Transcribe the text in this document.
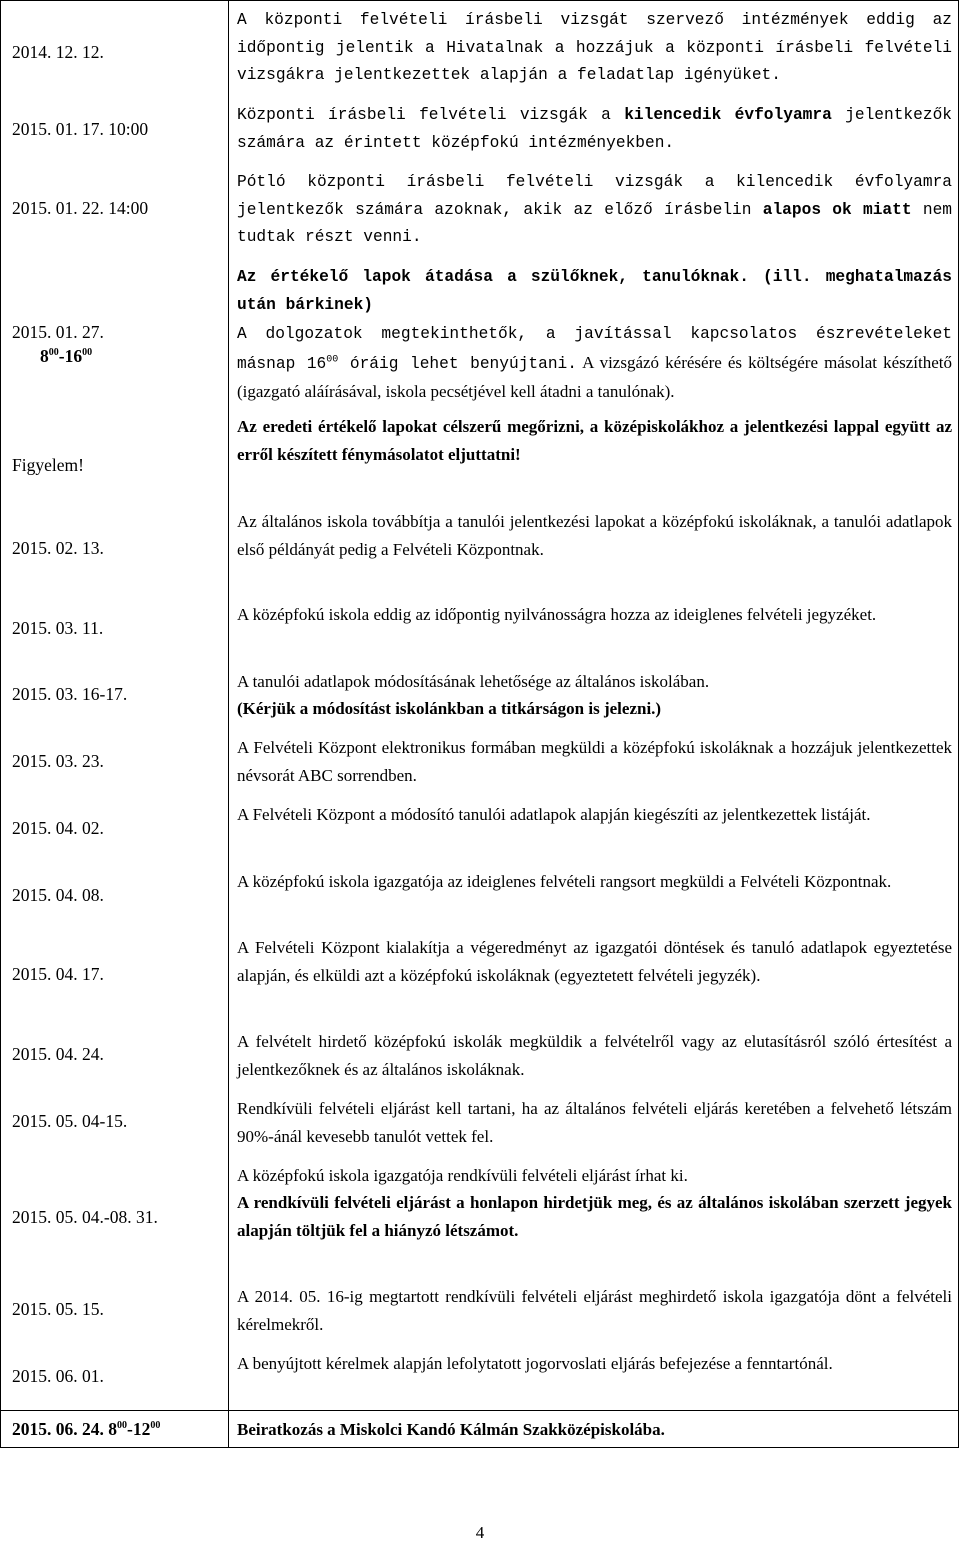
2014. 12. 12.
2015. 01. 17. 10:00
2015. 01. 22. 14:00
2015. 01. 27.
$8^{00}-16^{00}$
Figyelem!
2015. 02. 13.
2015. 03. 11.
2015. 03. 16-17.
2015. 03. 23.
2015. 04. 02.
2015. 04. 08.
2015. 04. 17.
2015. 04. 24.
2015. 05. 04-15.
2015. 05. 04.-08. 31.
2015. 05. 15.
2015. 06. 01.
A központi felvételi írásbeli vizsgát szervező intézmények eddig az időpontig jelentik a Hivatalnak a hozzájuk a központi írásbeli felvételi vizsgákra jelentkezettek alapján a feladatlap igényüket.
Központi írásbeli felvételi vizsgák a kilencedik évfolyamra jelentkezők számára az érintett középfokú intézményekben.
Pótló központi írásbeli felvételi vizsgák a kilencedik évfolyamra jelentkezők számára azoknak, akik az előző írásbelin alapos ok miatt nem tudtak részt venni.
Az értékelő lapok átadása a szülőknek, tanulóknak. (ill. meghatalmazás után bárkinek)
A dolgozatok megtekinthetők, a javítással kapcsolatos észrevételeket másnap $16^{00}$ óráig lehet benyújtani. A vizsgázó kérésére és költségére másolat készíthető (igazgató aláírásával, iskola pecsétjével kell átadni a tanulónak).
Az eredeti értékelő lapokat célszerű megőrizni, a középiskolákhoz a jelentkezési lappal együtt az erről készített fénymásolatot eljuttatni!
Az általános iskola továbbítja a tanulói jelentkezési lapokat a középfokú iskoláknak, a tanulói adatlapok első példányát pedig a Felvételi Központnak.
A középfokú iskola eddig az időpontig nyilvánosságra hozza az ideiglenes felvételi jegyzéket.
A tanulói adatlapok módosításának lehetősége az általános iskolában.
(Kérjük a módosítást iskolánkban a titkárságon is jelezni.)
A Felvételi Központ elektronikus formában megküldi a középfokú iskoláknak a hozzájuk jelentkezettek névsorát ABC sorrendben.
A Felvételi Központ a módosító tanulói adatlapok alapján kiegészíti az jelentkezettek listáját.
A középfokú iskola igazgatója az ideiglenes felvételi rangsort megküldi a Felvételi Központnak.
A Felvételi Központ kialakítja a végeredményt az igazgatói döntések és tanuló adatlapok egyeztetése alapján, és elküldi azt a középfokú iskoláknak (egyeztetett felvételi jegyzék).
A felvételt hirdető középfokú iskolák megküldik a felvételről vagy az elutasításról szóló értesítést a jelentkezőknek és az általános iskoláknak.
Rendkívüli felvételi eljárást kell tartani, ha az általános felvételi eljárás keretében a felvehető létszám 90%-ánál kevesebb tanulót vettek fel.
A középfokú iskola igazgatója rendkívüli felvételi eljárást írhat ki.
A rendkívüli felvételi eljárást a honlapon hirdetjük meg, és az általános iskolában szerzett jegyek alapján töltjük fel a hiányzó létszámot.
A 2014. 05. 16-ig megtartott rendkívüli felvételi eljárást meghirdető iskola igazgatója dönt a felvételi kérelmekről.
A benyújtott kérelmek alapján lefolytatott jogorvoslati eljárás befejezése a fenntartónál.
2015. 06. 24. $8^{00}-12^{00}$	Beiratkozás a Miskolci Kandó Kálmán Szakközépiskolába.
4
